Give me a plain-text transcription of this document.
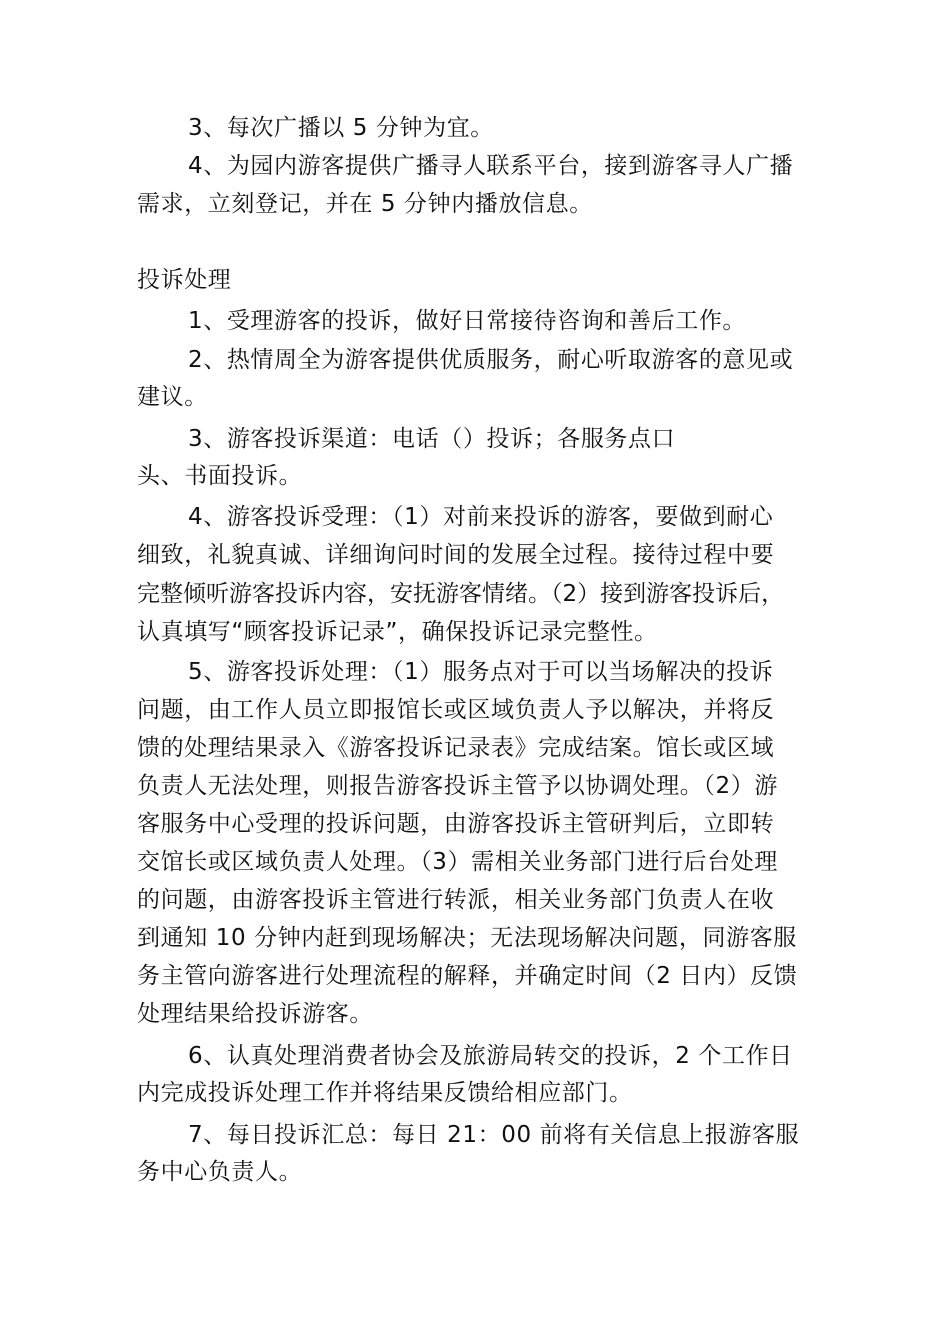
3、每次广播以 5 分钟为宜。
4、为园内游客提供广播寻人联系平台，接到游客寻人广播
需求，立刻登记，并在 5 分钟内播放信息。
投诉处理
1、受理游客的投诉，做好日常接待咨询和善后工作。
2、热情周全为游客提供优质服务，耐心听取游客的意见或
建议。
3、游客投诉渠道：电话（）投诉；各服务点口
头、书面投诉。
4、游客投诉受理：（1）对前来投诉的游客，要做到耐心
细致，礼貌真诚、详细询问时间的发展全过程。接待过程中要
完整倾听游客投诉内容，安抚游客情绪。（2）接到游客投诉后，
认真填写“顾客投诉记录”，确保投诉记录完整性。
5、游客投诉处理：（1）服务点对于可以当场解决的投诉
问题，由工作人员立即报馆长或区域负责人予以解决，并将反
馈的处理结果录入《游客投诉记录表》完成结案。馆长或区域
负责人无法处理，则报告游客投诉主管予以协调处理。（2）游
客服务中心受理的投诉问题，由游客投诉主管研判后，立即转
交馆长或区域负责人处理。（3）需相关业务部门进行后台处理
的问题，由游客投诉主管进行转派，相关业务部门负责人在收
到通知 10 分钟内赶到现场解决；无法现场解决问题，同游客服
务主管向游客进行处理流程的解释，并确定时间（2 日内）反馈
处理结果给投诉游客。
6、认真处理消费者协会及旅游局转交的投诉，2 个工作日
内完成投诉处理工作并将结果反馈给相应部门。
7、每日投诉汇总：每日 21：00 前将有关信息上报游客服
务中心负责人。
